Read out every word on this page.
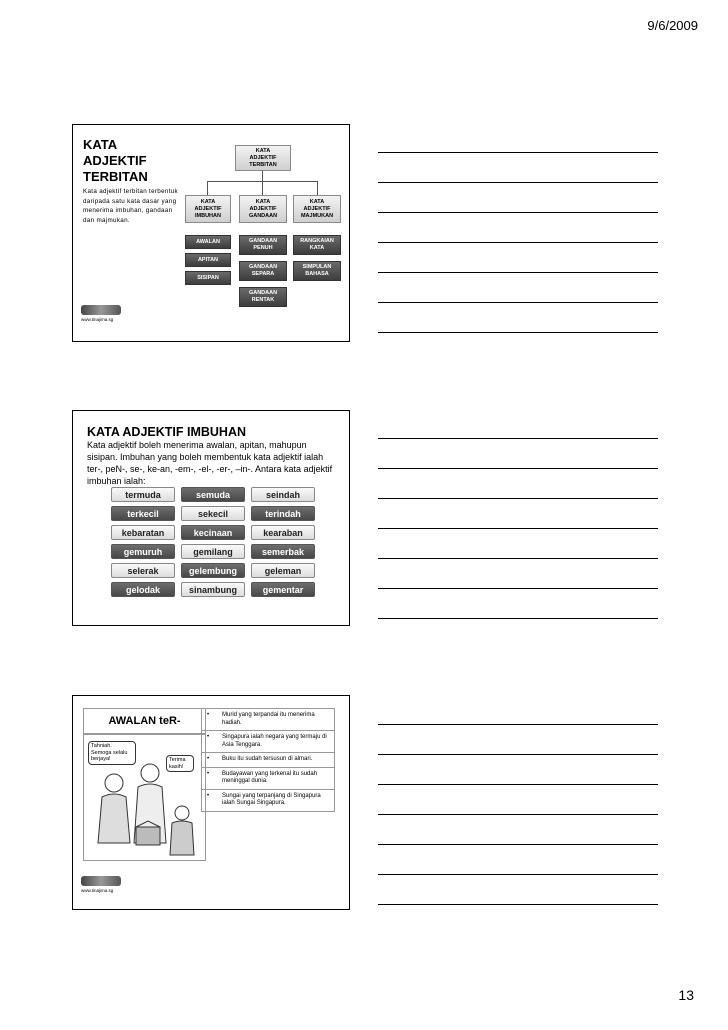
9/6/2009
KATA
ADJEKTIF
TERBITAN
Kata adjektif terbitan terbentuk daripada satu kata dasar yang menerima imbuhan, gandaan dan majmukan.
KATA
ADJEKTIF
TERBITAN
KATA
ADJEKTIF
IMBUHAN
KATA
ADJEKTIF
GANDAAN
KATA
ADJEKTIF
MAJMUKAN
AWALAN
APITAN
SISIPAN
GANDAAN
PENUH
GANDAAN
SEPARA
GANDAAN
RENTAK
RANGKAIAN
KATA
SIMPULAN
BAHASA
www.tinajima.sg
KATA ADJEKTIF IMBUHAN
Kata adjektif boleh menerima awalan, apitan, mahupun sisipan. Imbuhan yang boleh membentuk kata adjektif ialah ter-, peN-, se-, ke-an, -em-, -el-, -er-, –in-. Antara kata adjektif imbuhan ialah:
termuda	semuda	seindah
terkecil	sekecil	terindah
kebaratan	kecinaan	kearaban
gemuruh	gemilang	semerbak
selerak	gelembung	geleman
gelodak	sinambung	gementar
AWALAN teR-
Tahniah. Semoga selalu berjaya!	Terima kasih!
• Murid yang terpandai itu menerima hadiah.
• Singapura ialah negara yang termaju di Asia Tenggara.
• Buku itu sudah tersusun di almari.
• Budayawan yang terkenal itu sudah meninggal dunia.
• Sungai yang terpanjang di Singapura ialah Sungai Singapura.
www.tinajima.sg
13
